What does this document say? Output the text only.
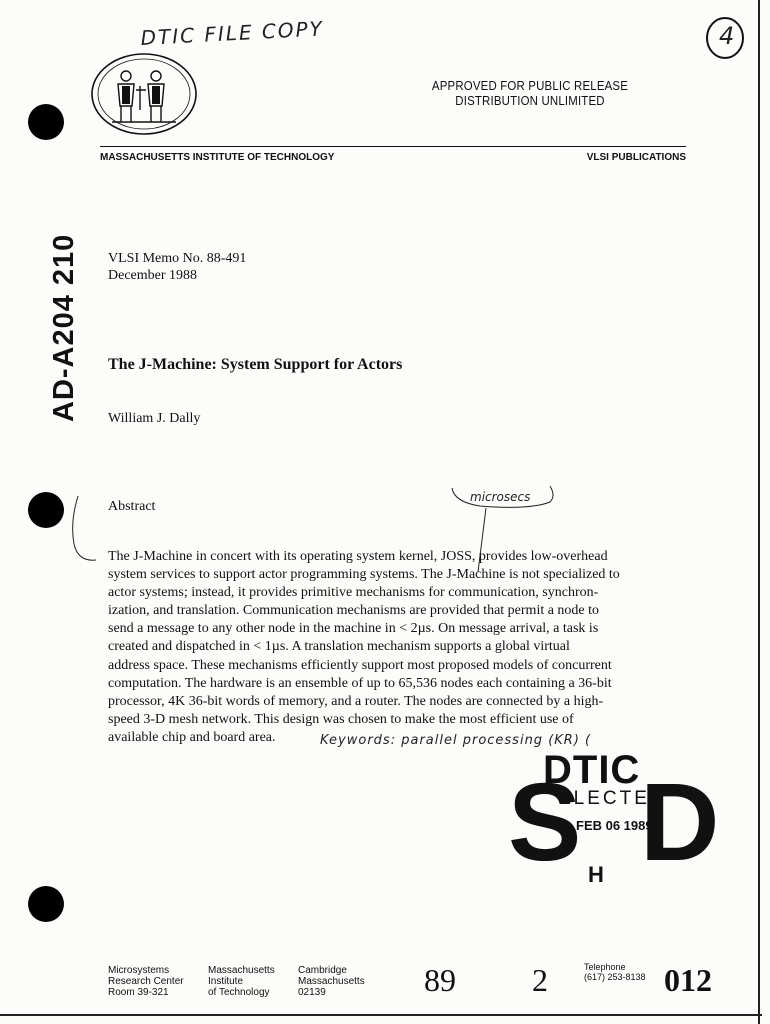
DTIC FILE COPY	4
APPROVED FOR PUBLIC RELEASE
DISTRIBUTION UNLIMITED
MASSACHUSETTS INSTITUTE OF TECHNOLOGY	VLSI PUBLICATIONS
AD-A204 210 VLSI Memo No. 88-491
December 1988
The J-Machine: System Support for Actors
William J. Dally
Abstract
microsecs
The J-Machine in concert with its operating system kernel, JOSS, provides low-overhead
system services to support actor programming systems. The J-Machine is not specialized to
actor systems; instead, it provides primitive mechanisms for communication, synchron-
ization, and translation. Communication mechanisms are provided that permit a node to
send a message to any other node in the machine in < 2µs. On message arrival, a task is
created and dispatched in < 1µs. A translation mechanism supports a global virtual
address space. These mechanisms efficiently support most proposed models of concurrent
computation. The hardware is an ensemble of up to 65,536 nodes each containing a 36-bit
processor, 4K 36-bit words of memory, and a router. The nodes are connected by a high-
speed 3-D mesh network. This design was chosen to make the most efficient use of
available chip and board area.	Keywords: parallel processing (KR) (
DTIC
S D
ELECTE
FEB 06 1989
H
Microsystems
Research Center
Room 39-321
Massachusetts
Institute
of Technology
Cambridge
Massachusetts
02139	89 2	Telephone
(617) 253-8138 012
